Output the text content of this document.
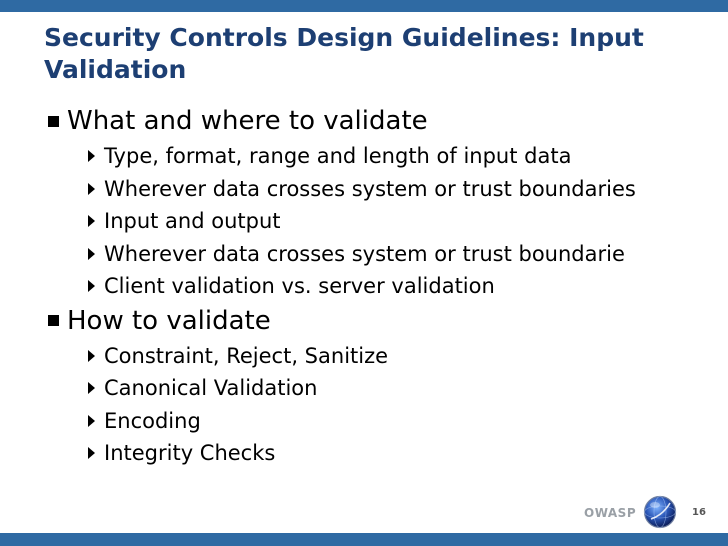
Security Controls Design Guidelines: Input Validation
What and where to validate
Type, format, range and length of input data
Wherever data crosses system or trust boundaries
Input and output
Wherever data crosses system or trust boundarie
Client validation vs. server validation
How to validate
Constraint, Reject, Sanitize
Canonical Validation
Encoding
Integrity Checks
OWASP	16
